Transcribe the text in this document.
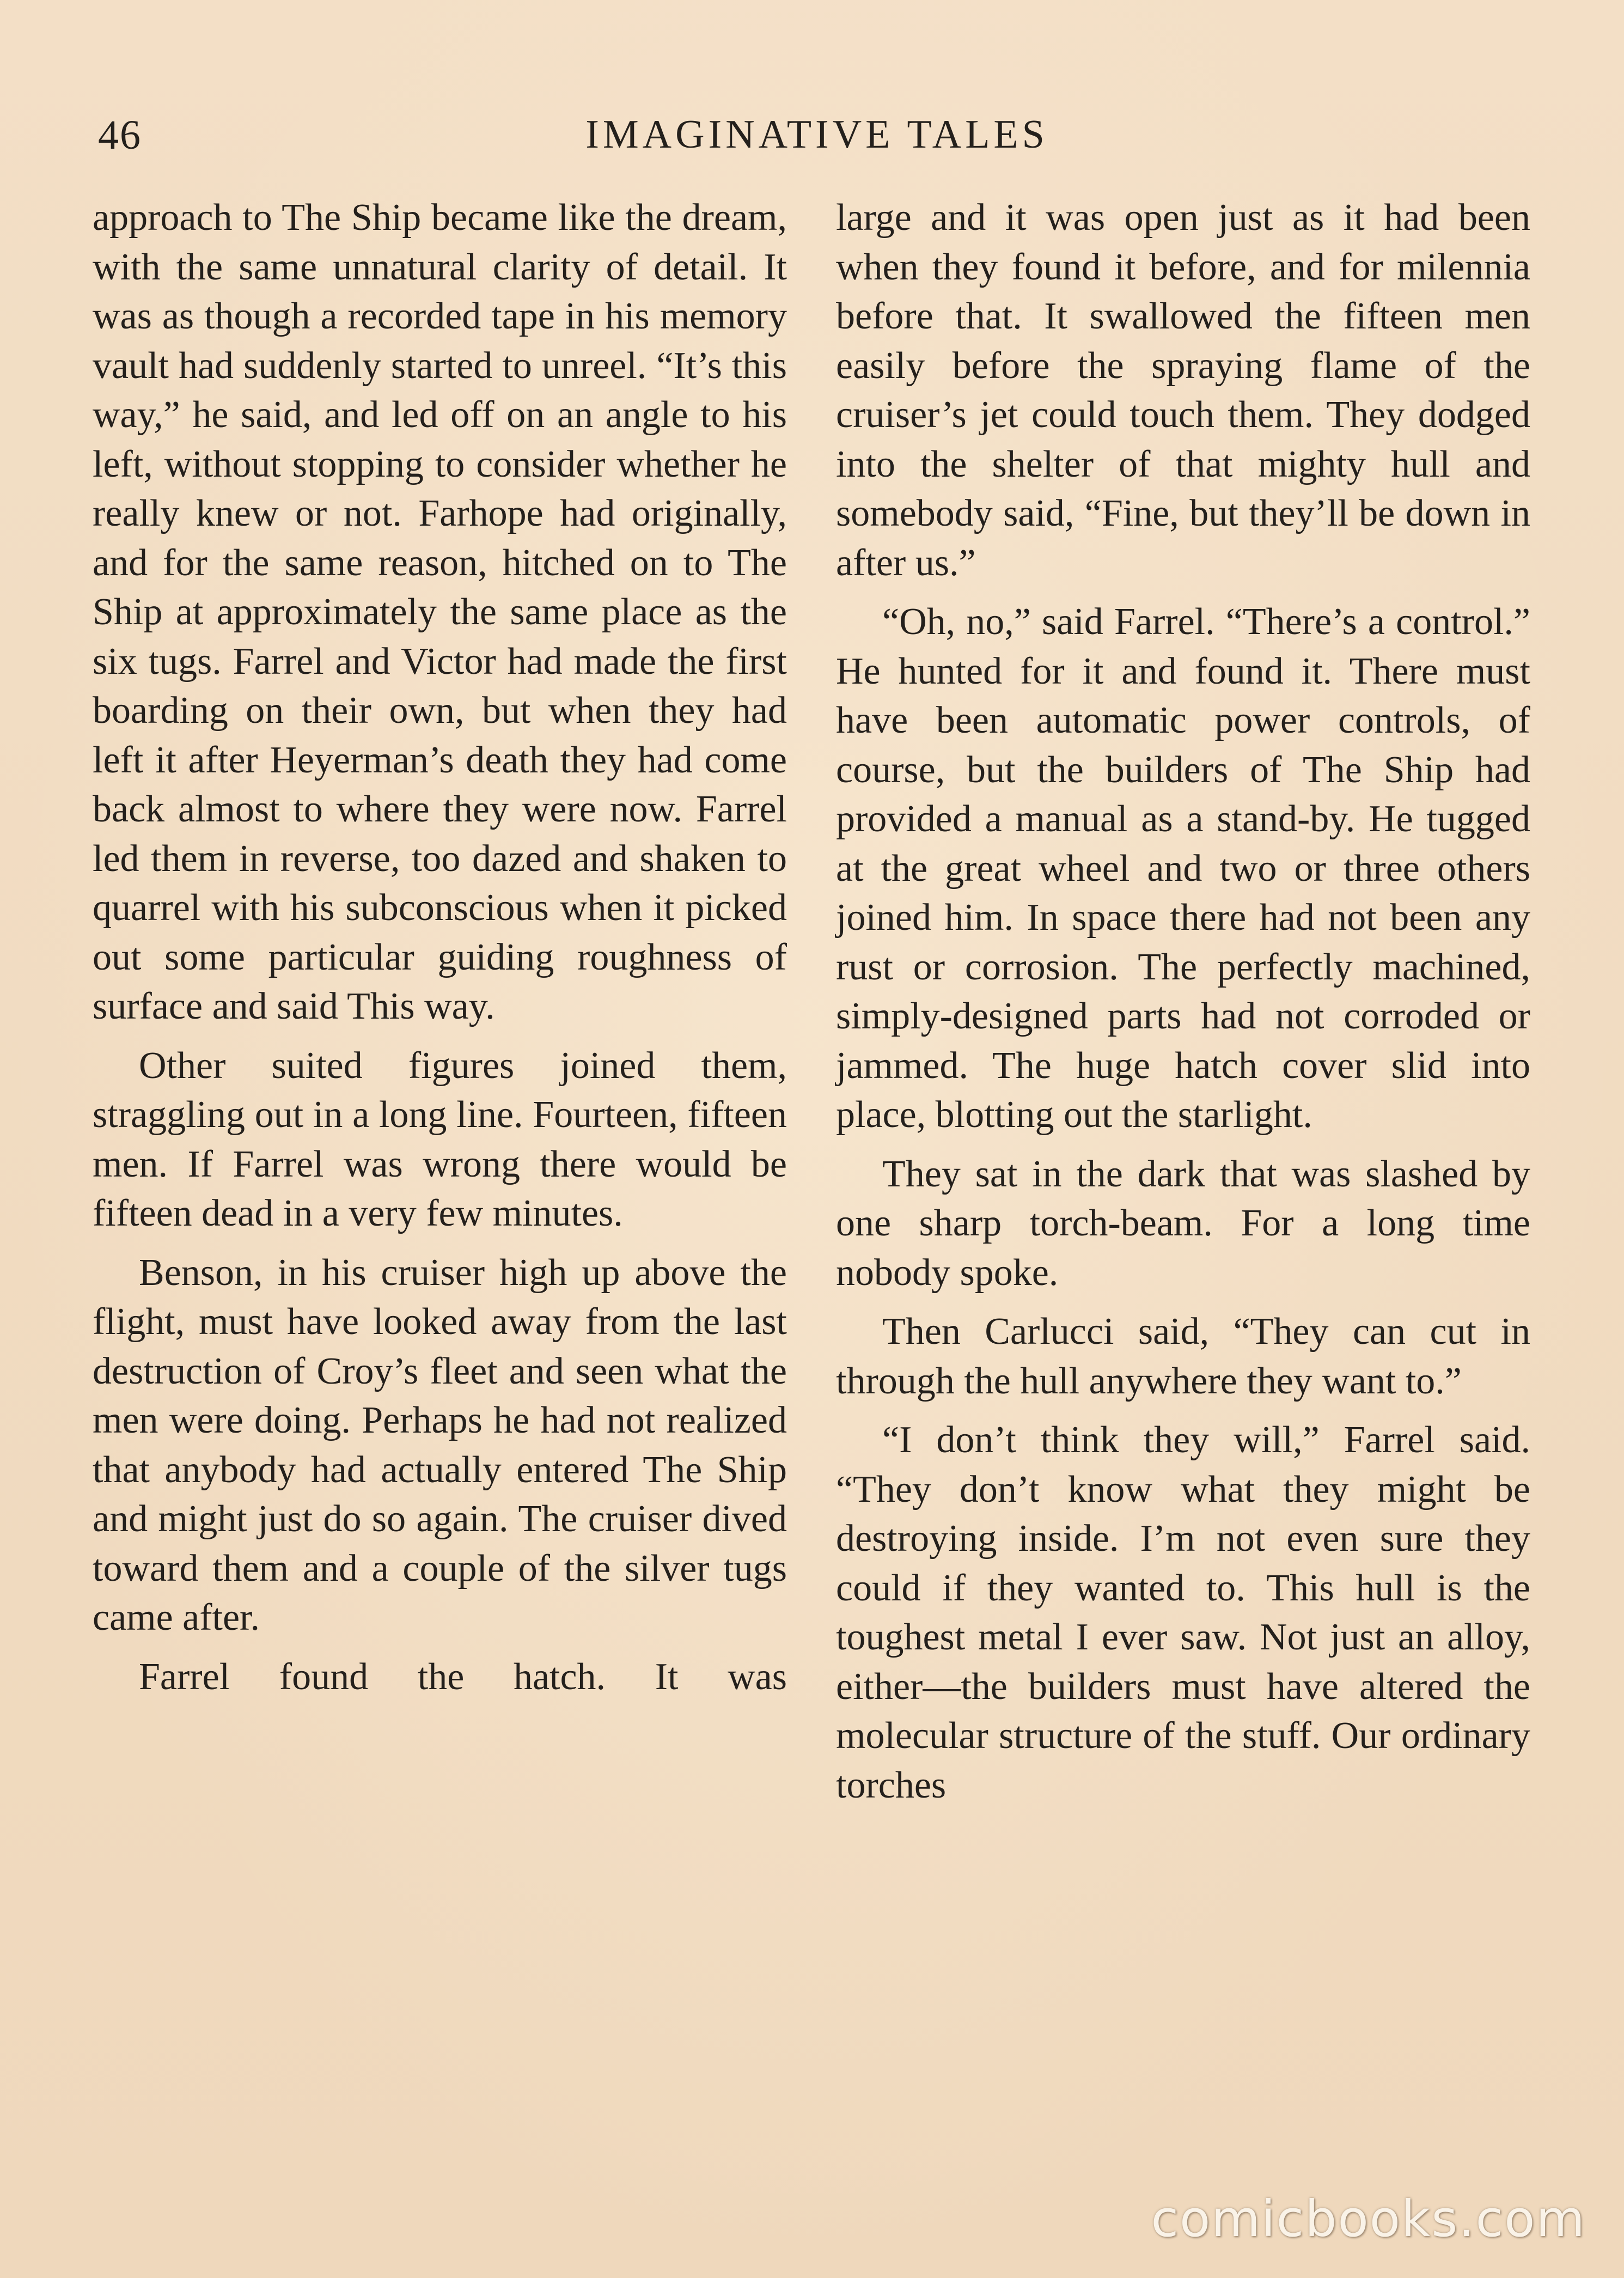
46	IMAGINATIVE TALES

approach to The Ship became like the dream, with the same unnatural clarity of detail. It was as though a recorded tape in his memory vault had suddenly started to unreel. “It’s this way,” he said, and led off on an angle to his left, without stopping to consider whether he really knew or not. Farhope had originally, and for the same reason, hitched on to The Ship at approximately the same place as the six tugs. Farrel and Victor had made the first boarding on their own, but when they had left it after Heyerman’s death they had come back almost to where they were now. Farrel led them in reverse, too dazed and shaken to quarrel with his subconscious when it picked out some particular guiding roughness of surface and said This way.

Other suited figures joined them, straggling out in a long line. Fourteen, fifteen men. If Farrel was wrong there would be fifteen dead in a very few minutes.

Benson, in his cruiser high up above the flight, must have looked away from the last destruction of Croy’s fleet and seen what the men were doing. Perhaps he had not realized that anybody had actually entered The Ship and might just do so again. The cruiser dived toward them and a couple of the silver tugs came after.

Farrel found the hatch. It was

large and it was open just as it had been when they found it before, and for milennia before that. It swallowed the fifteen men easily before the spraying flame of the cruiser’s jet could touch them. They dodged into the shelter of that mighty hull and somebody said, “Fine, but they’ll be down in after us.”

“Oh, no,” said Farrel. “There’s a control.” He hunted for it and found it. There must have been automatic power controls, of course, but the builders of The Ship had provided a manual as a stand-by. He tugged at the great wheel and two or three others joined him. In space there had not been any rust or corrosion. The perfectly machined, simply-designed parts had not corroded or jammed. The huge hatch cover slid into place, blotting out the starlight.

They sat in the dark that was slashed by one sharp torch-beam. For a long time nobody spoke.

Then Carlucci said, “They can cut in through the hull anywhere they want to.”

“I don’t think they will,” Farrel said. “They don’t know what they might be destroying inside. I’m not even sure they could if they wanted to. This hull is the toughest metal I ever saw. Not just an alloy, either—the builders must have altered the molecular structure of the stuff. Our ordinary torches

comicbooks.com
